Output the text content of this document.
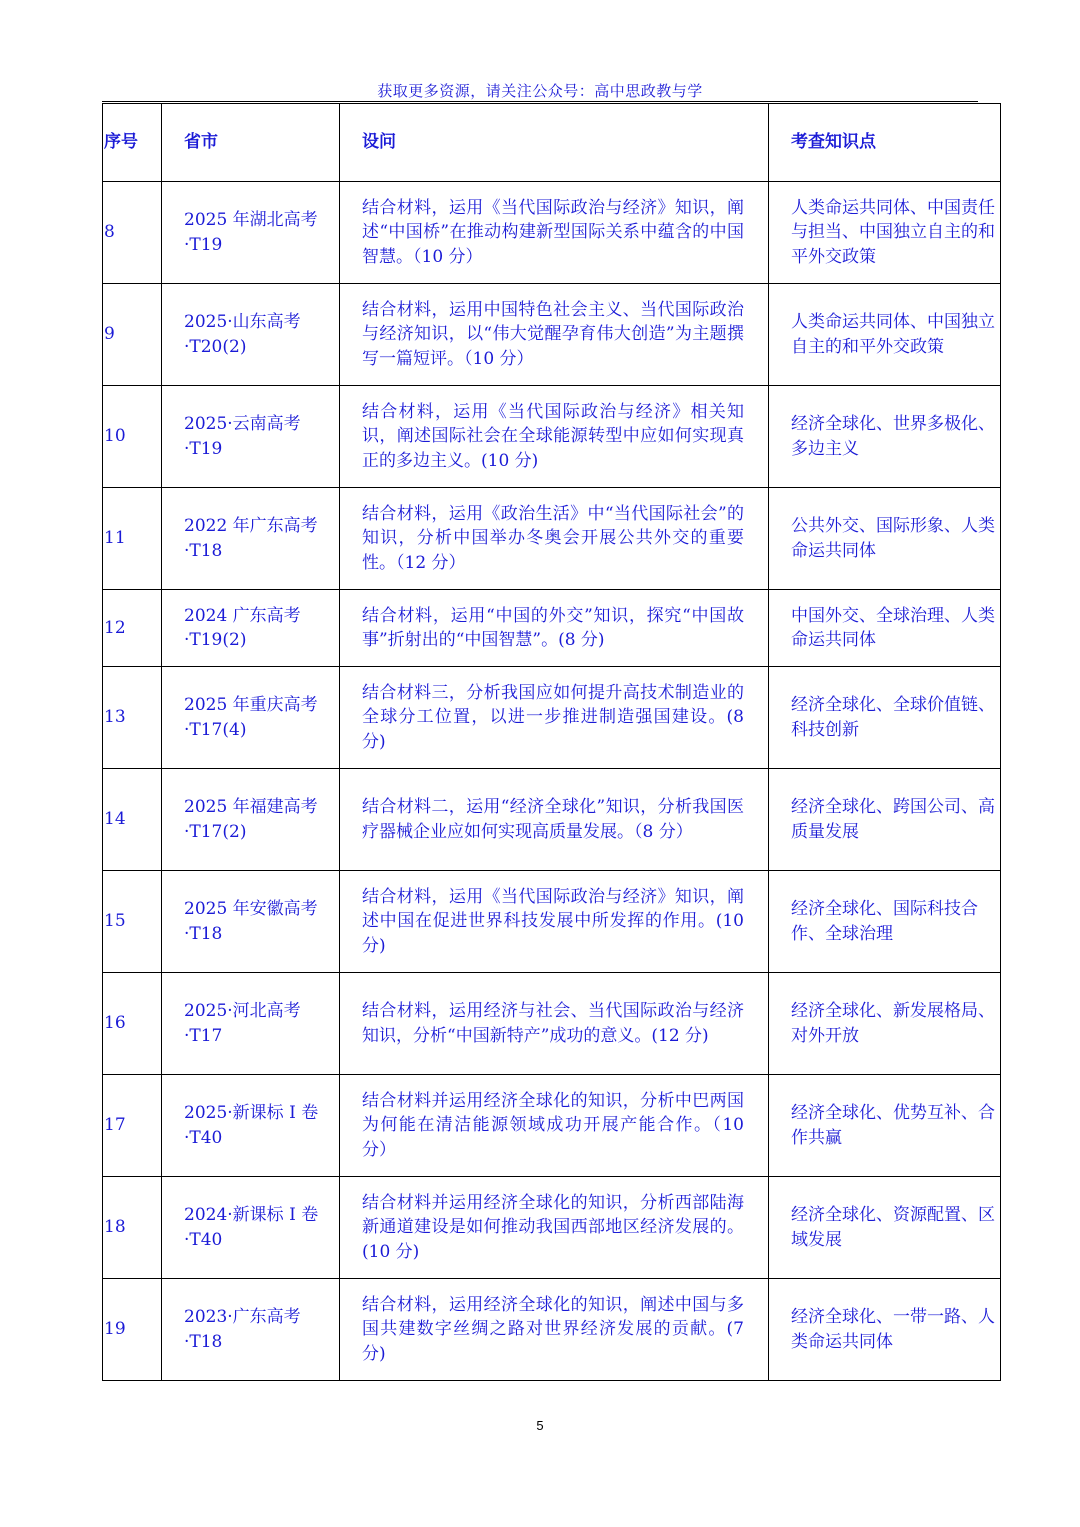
获取更多资源，请关注公众号：高中思政教与学
序号	省市	设问	考查知识点
8	2025 年湖北高考·T19	结合材料，运用《当代国际政治与经济》知识，阐述“中国桥”在推动构建新型国际关系中蕴含的中国智慧。（10 分）	人类命运共同体、中国责任与担当、中国独立自主的和平外交政策
9	2025·山东高考·T20(2)	结合材料，运用中国特色社会主义、当代国际政治与经济知识，以“伟大觉醒孕育伟大创造”为主题撰写一篇短评。（10 分）	人类命运共同体、中国独立自主的和平外交政策
10	2025·云南高考·T19	结合材料，运用《当代国际政治与经济》相关知识，阐述国际社会在全球能源转型中应如何实现真正的多边主义。(10 分)	经济全球化、世界多极化、多边主义
11	2022 年广东高考·T18	结合材料，运用《政治生活》中“当代国际社会”的知识，分析中国举办冬奥会开展公共外交的重要性。（12 分）	公共外交、国际形象、人类命运共同体
12	2024 广东高考·T19(2)	结合材料，运用“中国的外交”知识，探究“中国故事”折射出的“中国智慧”。(8 分)	中国外交、全球治理、人类命运共同体
13	2025 年重庆高考·T17(4)	结合材料三，分析我国应如何提升高技术制造业的全球分工位置，以进一步推进制造强国建设。(8 分)	经济全球化、全球价值链、科技创新
14	2025 年福建高考·T17(2)	结合材料二，运用“经济全球化”知识，分析我国医疗器械企业应如何实现高质量发展。（8 分）	经济全球化、跨国公司、高质量发展
15	2025 年安徽高考·T18	结合材料，运用《当代国际政治与经济》知识，阐述中国在促进世界科技发展中所发挥的作用。(10 分)	经济全球化、国际科技合作、全球治理
16	2025·河北高考·T17	结合材料，运用经济与社会、当代国际政治与经济知识，分析“中国新特产”成功的意义。(12 分)	经济全球化、新发展格局、对外开放
17	2025·新课标 I 卷·T40	结合材料并运用经济全球化的知识，分析中巴两国为何能在清洁能源领域成功开展产能合作。（10 分）	经济全球化、优势互补、合作共赢
18	2024·新课标 I 卷·T40	结合材料并运用经济全球化的知识，分析西部陆海新通道建设是如何推动我国西部地区经济发展的。(10 分)	经济全球化、资源配置、区域发展
19	2023·广东高考·T18	结合材料，运用经济全球化的知识，阐述中国与多国共建数字丝绸之路对世界经济发展的贡献。(7 分)	经济全球化、一带一路、人类命运共同体
5
